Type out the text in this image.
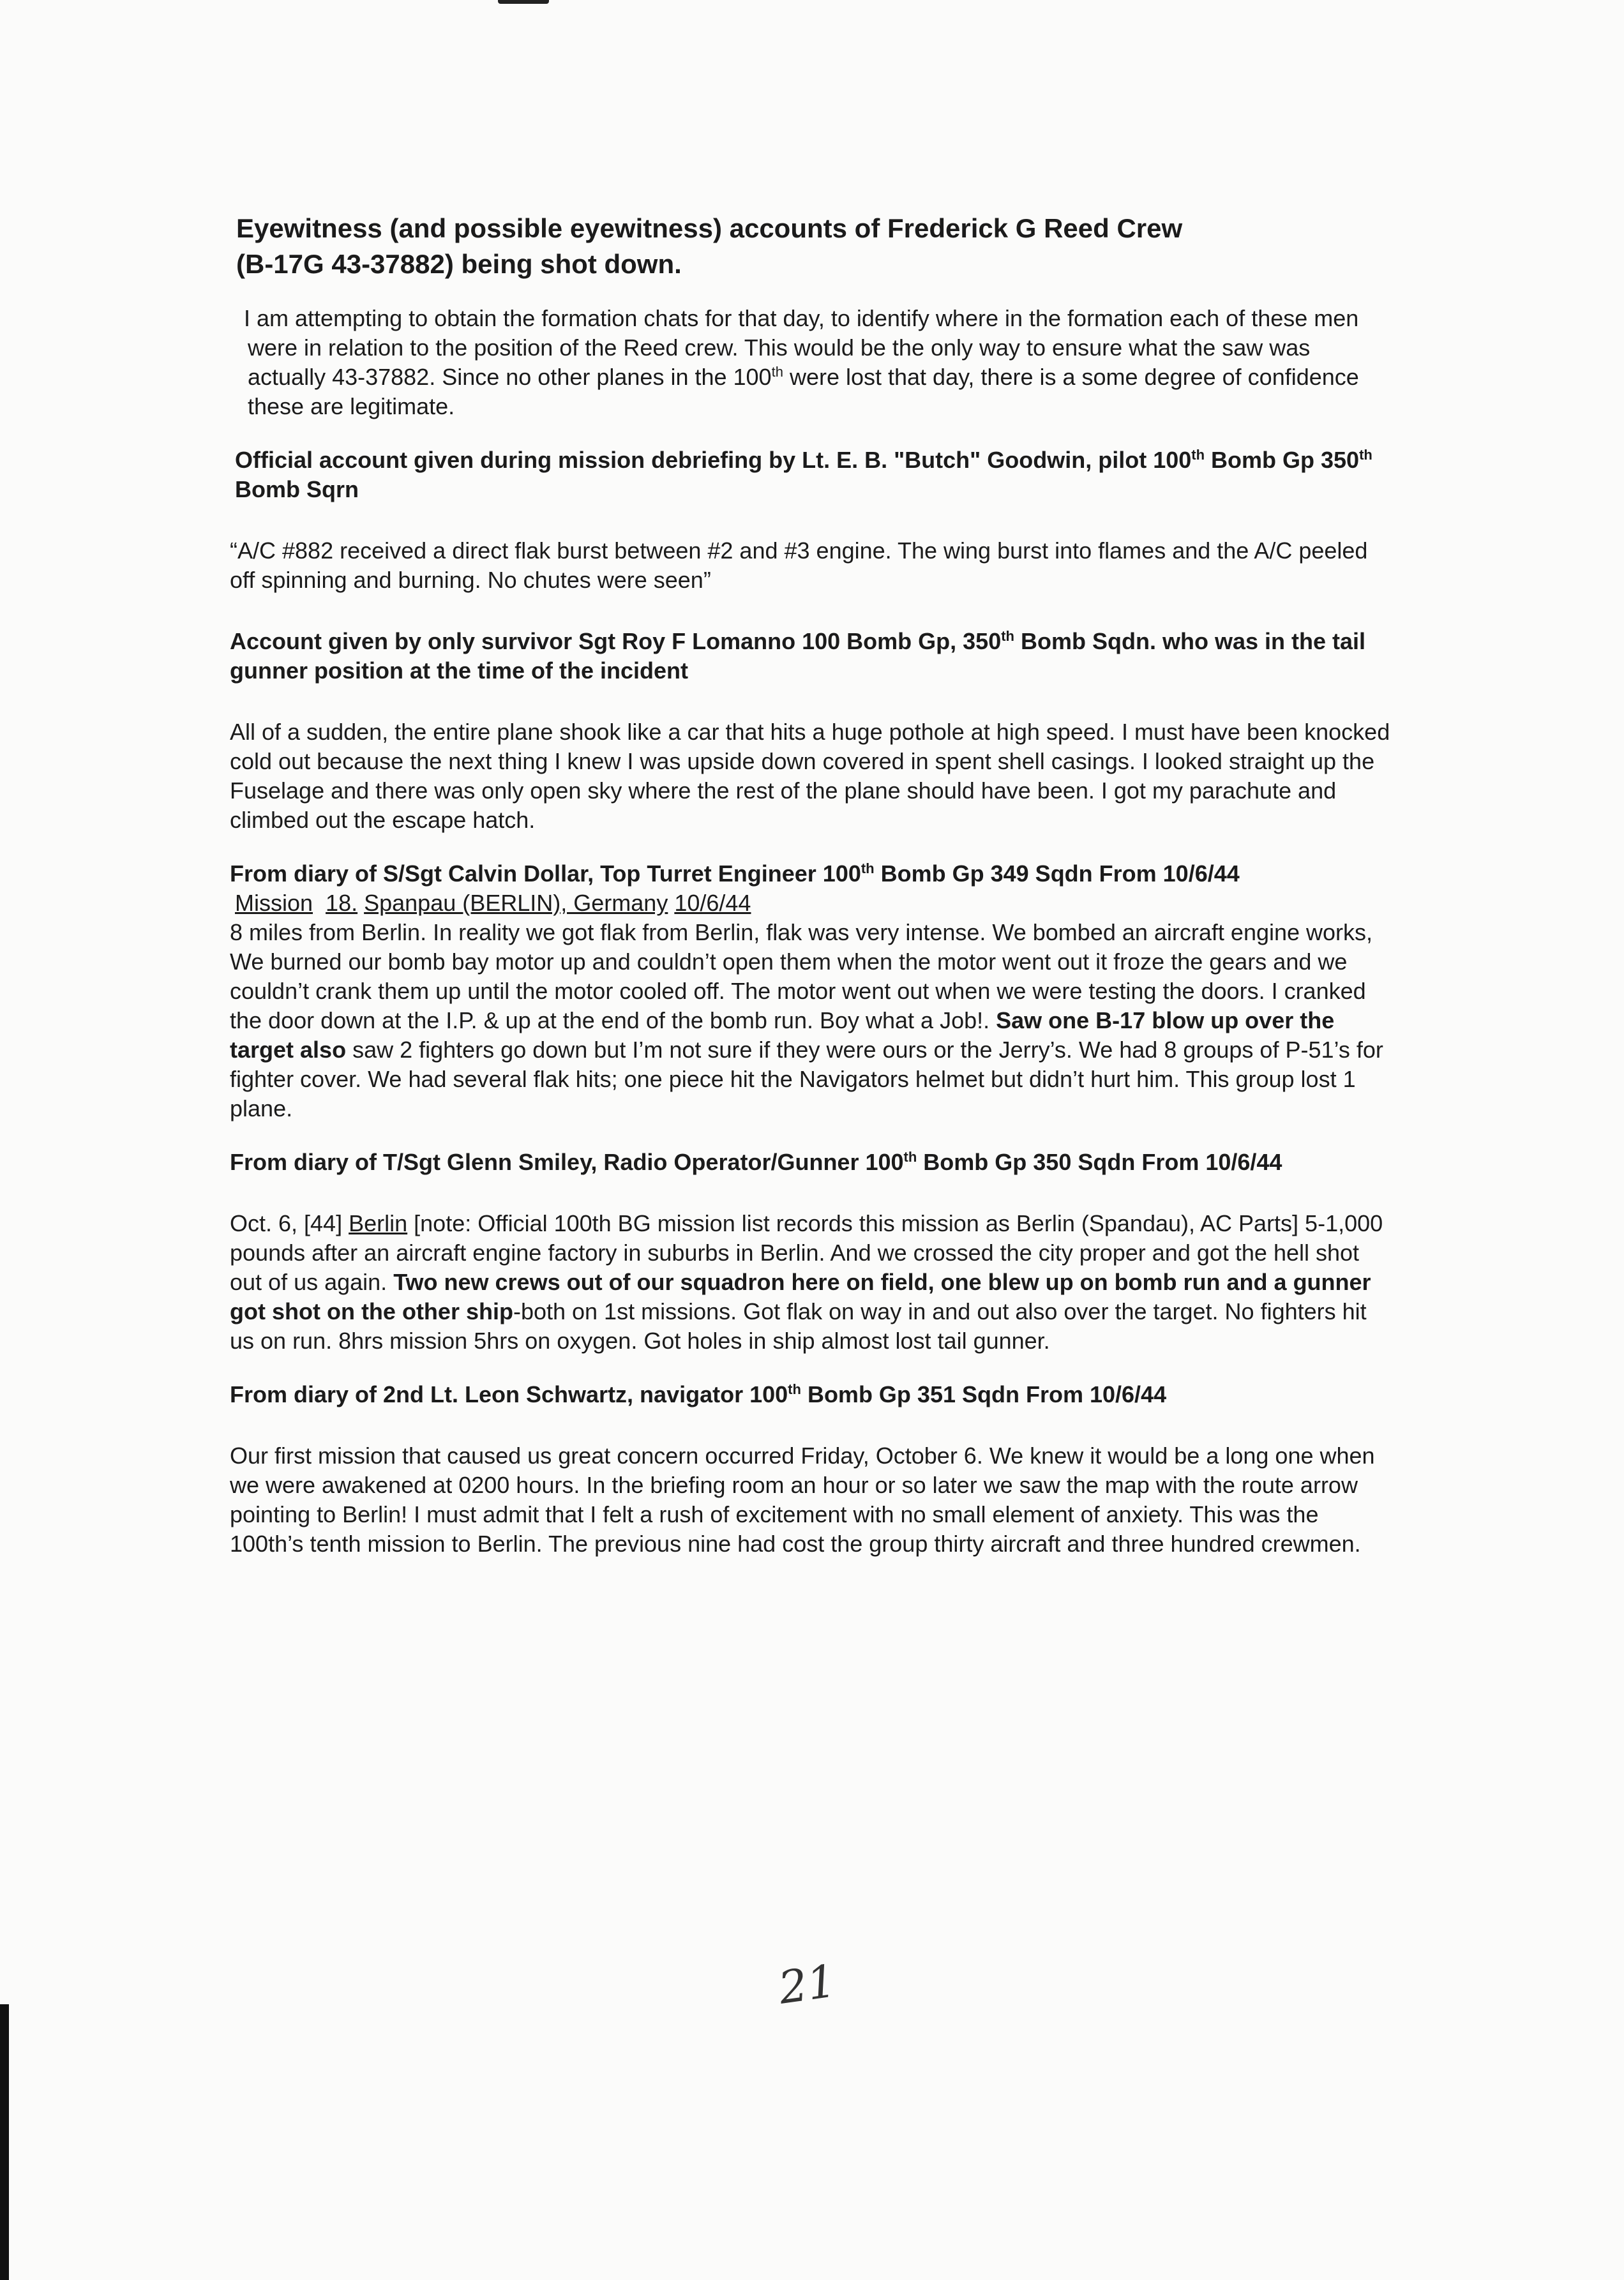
Eyewitness (and possible eyewitness) accounts of Frederick G Reed Crew
(B-17G 43-37882) being shot down.

I am attempting to obtain the formation chats for that day, to identify where in the formation each of these men were in relation to the position of the Reed crew. This would be the only way to ensure what the saw was actually 43-37882. Since no other planes in the 100th were lost that day, there is a some degree of confidence these are legitimate.

Official account given during mission debriefing by Lt. E. B. "Butch" Goodwin, pilot 100th Bomb Gp 350th Bomb Sqrn

“A/C #882 received a direct flak burst between #2 and #3 engine. The wing burst into flames and the A/C peeled off spinning and burning. No chutes were seen”

Account given by only survivor Sgt Roy F Lomanno 100 Bomb Gp, 350th Bomb Sqdn. who was in the tail gunner position at the time of the incident

All of a sudden, the entire plane shook like a car that hits a huge pothole at high speed. I must have been knocked cold out because the next thing I knew I was upside down covered in spent shell casings. I looked straight up the Fuselage and there was only open sky where the rest of the plane should have been. I got my parachute and climbed out the escape hatch.

From diary of S/Sgt Calvin Dollar, Top Turret Engineer 100th Bomb Gp 349 Sqdn From 10/6/44

Mission 18. Spanpau (BERLIN), Germany 10/6/44

8 miles from Berlin. In reality we got flak from Berlin, flak was very intense. We bombed an aircraft engine works, We burned our bomb bay motor up and couldn’t open them when the motor went out it froze the gears and we couldn’t crank them up until the motor cooled off. The motor went out when we were testing the doors. I cranked the door down at the I.P. & up at the end of the bomb run. Boy what a Job!. Saw one B-17 blow up over the target also saw 2 fighters go down but I’m not sure if they were ours or the Jerry’s. We had 8 groups of P-51’s for fighter cover. We had several flak hits; one piece hit the Navigators helmet but didn’t hurt him. This group lost 1 plane.

From diary of T/Sgt Glenn Smiley, Radio Operator/Gunner 100th Bomb Gp 350 Sqdn From 10/6/44

Oct. 6, [44] Berlin [note: Official 100th BG mission list records this mission as Berlin (Spandau), AC Parts] 5-1,000 pounds after an aircraft engine factory in suburbs in Berlin. And we crossed the city proper and got the hell shot out of us again. Two new crews out of our squadron here on field, one blew up on bomb run and a gunner got shot on the other ship-both on 1st missions. Got flak on way in and out also over the target. No fighters hit us on run. 8hrs mission 5hrs on oxygen. Got holes in ship almost lost tail gunner.

From diary of 2nd Lt. Leon Schwartz, navigator 100th Bomb Gp 351 Sqdn From 10/6/44

Our first mission that caused us great concern occurred Friday, October 6. We knew it would be a long one when we were awakened at 0200 hours. In the briefing room an hour or so later we saw the map with the route arrow pointing to Berlin! I must admit that I felt a rush of excitement with no small element of anxiety. This was the 100th’s tenth mission to Berlin. The previous nine had cost the group thirty aircraft and three hundred crewmen.

21
